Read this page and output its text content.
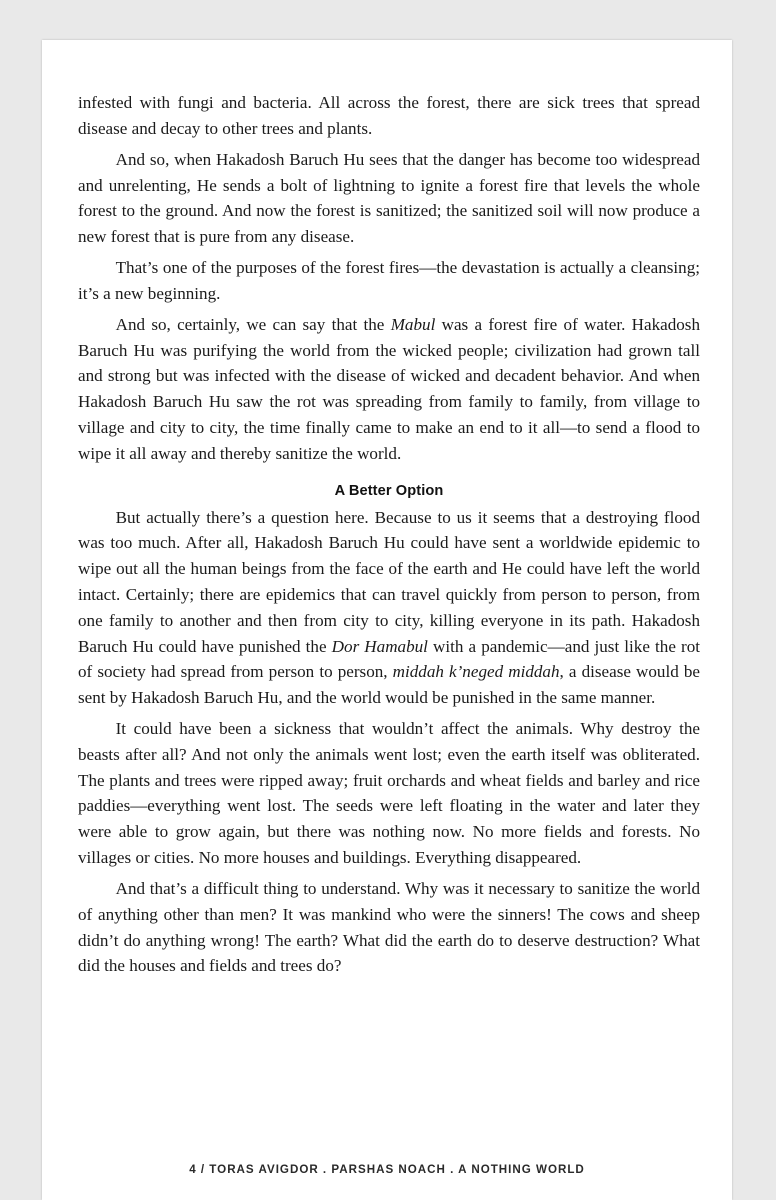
infested with fungi and bacteria. All across the forest, there are sick trees that spread disease and decay to other trees and plants.

And so, when Hakadosh Baruch Hu sees that the danger has become too widespread and unrelenting, He sends a bolt of lightning to ignite a forest fire that levels the whole forest to the ground. And now the forest is sanitized; the sanitized soil will now produce a new forest that is pure from any disease.

That’s one of the purposes of the forest fires—the devastation is actually a cleansing; it’s a new beginning.

And so, certainly, we can say that the Mabul was a forest fire of water. Hakadosh Baruch Hu was purifying the world from the wicked people; civilization had grown tall and strong but was infected with the disease of wicked and decadent behavior. And when Hakadosh Baruch Hu saw the rot was spreading from family to family, from village to village and city to city, the time finally came to make an end to it all—to send a flood to wipe it all away and thereby sanitize the world.

A Better Option

But actually there’s a question here. Because to us it seems that a destroying flood was too much. After all, Hakadosh Baruch Hu could have sent a worldwide epidemic to wipe out all the human beings from the face of the earth and He could have left the world intact. Certainly; there are epidemics that can travel quickly from person to person, from one family to another and then from city to city, killing everyone in its path. Hakadosh Baruch Hu could have punished the Dor Hamabul with a pandemic—and just like the rot of society had spread from person to person, middah k’neged middah, a disease would be sent by Hakadosh Baruch Hu, and the world would be punished in the same manner.

It could have been a sickness that wouldn’t affect the animals. Why destroy the beasts after all? And not only the animals went lost; even the earth itself was obliterated. The plants and trees were ripped away; fruit orchards and wheat fields and barley and rice paddies—everything went lost. The seeds were left floating in the water and later they were able to grow again, but there was nothing now. No more fields and forests. No villages or cities. No more houses and buildings. Everything disappeared.

And that’s a difficult thing to understand. Why was it necessary to sanitize the world of anything other than men? It was mankind who were the sinners! The cows and sheep didn’t do anything wrong! The earth? What did the earth do to deserve destruction? What did the houses and fields and trees do?

4 / TORAS AVIGDOR . PARSHAS NOACH . A NOTHING WORLD
